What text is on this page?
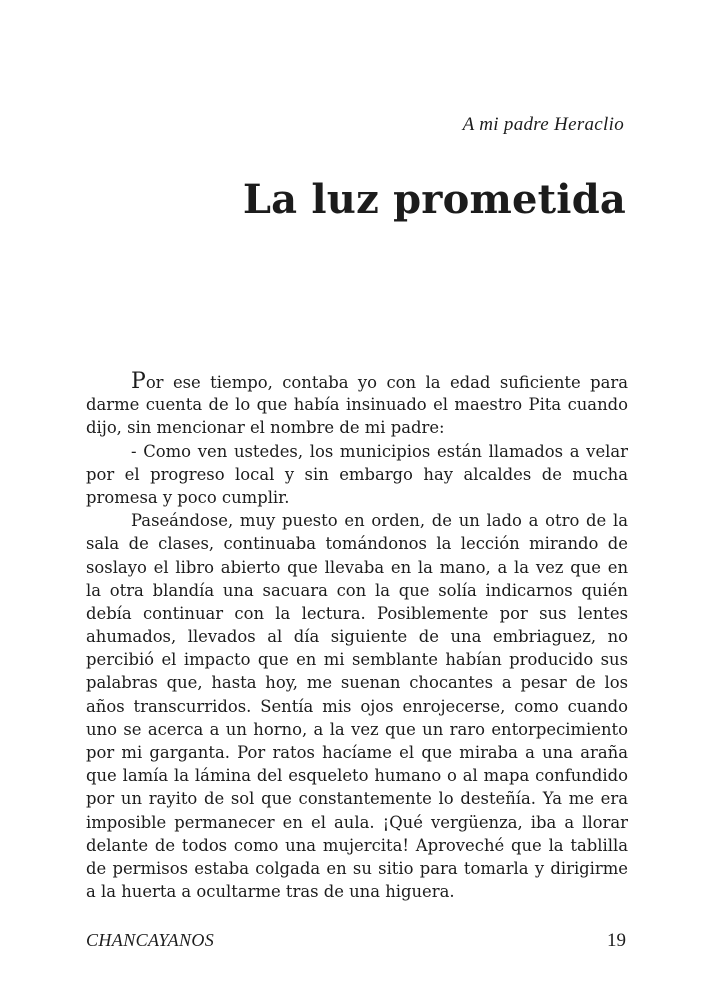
A mi padre Heraclio
La luz prometida
Por ese tiempo, contaba yo con la edad suficiente para
darme cuenta de lo que había insinuado el maestro Pita cuando
dijo, sin mencionar el nombre de mi padre:
- Como ven ustedes, los municipios están llamados a velar
por el progreso local y sin embargo hay alcaldes de mucha
promesa y poco cumplir.
Paseándose, muy puesto en orden, de un lado a otro de la
sala de clases, continuaba tomándonos la lección mirando de
soslayo el libro abierto que llevaba en la mano, a la vez que en
la otra blandía una sacuara con la que solía indicarnos quién
debía continuar con la lectura. Posiblemente por sus lentes
ahumados, llevados al día siguiente de una embriaguez, no
percibió el impacto que en mi semblante habían producido sus
palabras que, hasta hoy, me suenan chocantes a pesar de los
años transcurridos. Sentía mis ojos enrojecerse, como cuando
uno se acerca a un horno, a la vez que un raro entorpecimiento
por mi garganta. Por ratos hacíame el que miraba a una araña
que lamía la lámina del esqueleto humano o al mapa confundido
por un rayito de sol que constantemente lo desteñía. Ya me era
imposible permanecer en el aula. ¡Qué vergüenza, iba a llorar
delante de todos como una mujercita! Aproveché que la tablilla
de permisos estaba colgada en su sitio para tomarla y dirigirme
a la huerta a ocultarme tras de una higuera.
CHANCAYANOS	19
